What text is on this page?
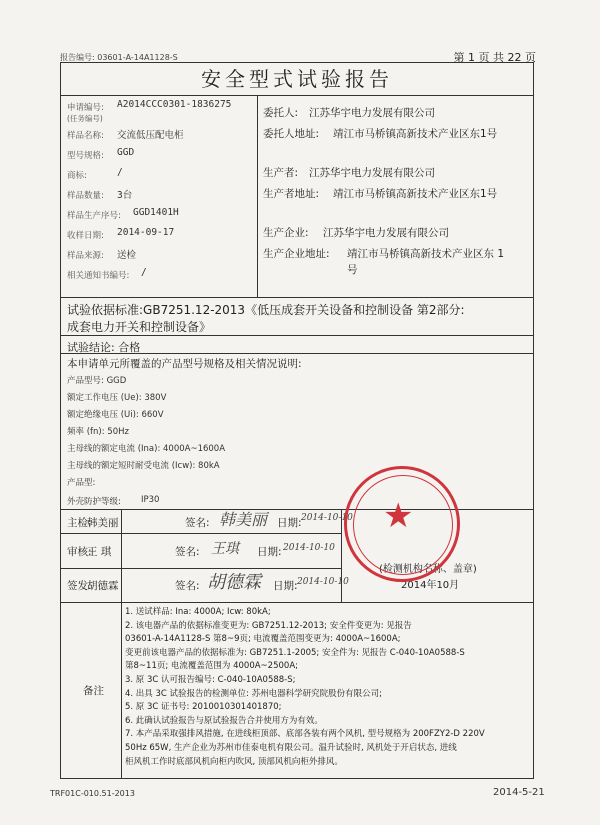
报告编号: 03601-A-14A1128-S	第 1 页 共 22 页
安全型式试验报告
申请编号: A2014CCC0301-1836275
(任务编号)
样品名称: 交流低压配电柜
型号规格: GGD
商标:	/
样品数量: 3台
样品生产序号: GGD1401H
收样日期: 2014-09-17
样品来源: 送检
相关通知书编号: /
委托人: 江苏华宇电力发展有限公司
委托人地址: 靖江市马桥镇高新技术产业区东1号
生产者: 江苏华宇电力发展有限公司
生产者地址: 靖江市马桥镇高新技术产业区东1号
生产企业: 江苏华宇电力发展有限公司
生产企业地址: 靖江市马桥镇高新技术产业区东 1
号
试验依据标准:GB7251.12-2013《低压成套开关设备和控制设备 第2部分:
成套电力开关和控制设备》
试验结论: 合格
本申请单元所覆盖的产品型号规格及相关情况说明:
产品型号: GGD
额定工作电压 (Ue): 380V
额定绝缘电压 (Ui): 660V
频率 (fn): 50Hz
主母线的额定电流 (Ina): 4000A~1600A
主母线的额定短时耐受电流 (Icw): 80kA
产品型:
外壳防护等级: IP30
主检:
韩美丽	签名: 韩美丽 日期: 2014-10-10
审核:
王 琪	签名: 王琪 日期: 2014-10-10
签发:
胡德霖	签名: 胡德霖 日期: 2014-10-10
(检测机构名称、盖章)
2014年10月
备注
1. 送试样品: Ina: 4000A; Icw: 80kA;
2. 该电器产品的依据标准变更为: GB7251.12-2013; 安全件变更为: 见报告
03601-A-14A1128-S 第8~9页; 电流覆盖范围变更为: 4000A~1600A;
变更前该电器产品的依据标准为: GB7251.1-2005; 安全件为: 见报告 C-040-10A0588-S
第8~11页; 电流覆盖范围为 4000A~2500A;
3. 原 3C 认可报告编号: C-040-10A0588-S;
4. 出具 3C 试验报告的检测单位: 苏州电器科学研究院股份有限公司;
5. 原 3C 证书号: 2010010301401870;
6. 此确认试验报告与原试验报告合并使用方为有效。
7. 本产品采取强排风措施, 在进线柜顶部、底部各装有两个风机, 型号规格为 200FZY2-D 220V
50Hz 65W, 生产企业为苏州市佳泰电机有限公司。温升试验时, 风机处于开启状态, 进线
柜风机工作时底部风机向柜内吹风, 顶部风机向柜外排风。
★
TRF01C-010.51-2013	2014-5-21
